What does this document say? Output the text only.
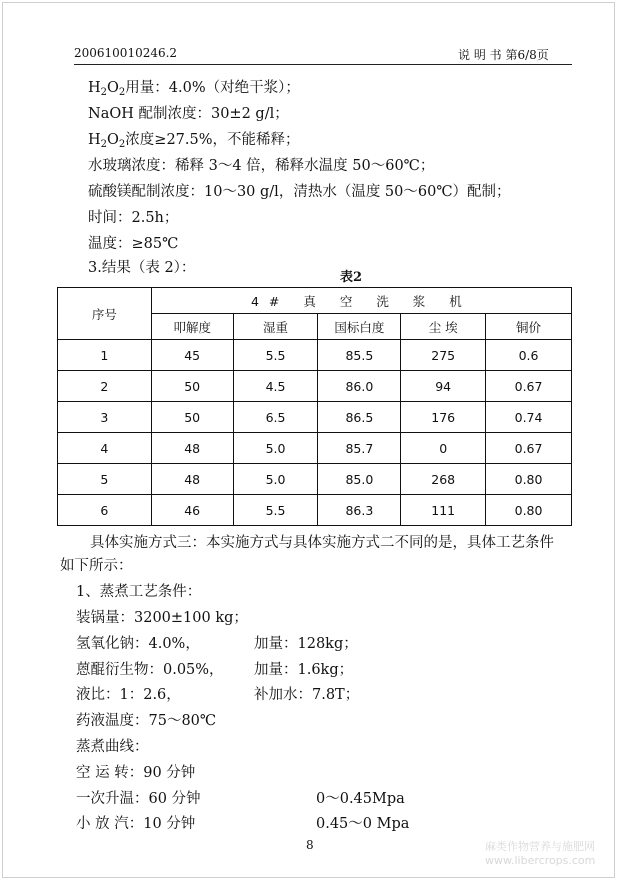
200610010246.2	说 明 书 第6/8页
$H_2O_2$用量：4.0%（对绝干浆）；
NaOH 配制浓度：30±2 g/l；
$H_2O_2$浓度≥27.5%，不能稀释；
水玻璃浓度：稀释 3～4 倍，稀释水温度 50～60℃；
硫酸镁配制浓度：10～30 g/l，清热水（温度 50～60℃）配制；
时间：2.5h；
温度：≥85℃
3.结果（表 2）：
表2
序号	4# 真 空 洗 浆 机				
	叩解度	湿重	国标白度	尘 埃	铜价
1	45	5.5	85.5	275	0.6
2	50	4.5	86.0	94	0.67
3	50	6.5	86.5	176	0.74
4	48	5.0	85.7	0	0.67
5	48	5.0	85.0	268	0.80
6	46	5.5	86.3	111	0.80
具体实施方式三：本实施方式与具体实施方式二不同的是，具体工艺条件
如下所示：
1、蒸煮工艺条件：
装锅量：3200±100 kg；
氢氧化钠：4.0%，	加量：128kg；
蒽醌衍生物：0.05%， 加量：1.6kg；
液比：1：2.6，	补加水：7.8T；
药液温度：75～80℃
蒸煮曲线：
空 运 转：90 分钟
一次升温：60 分钟	0～0.45Mpa
小 放 汽：10 分钟	0.45～0 Mpa
8	麻类作物营养与施肥网
www.libercrops.com
